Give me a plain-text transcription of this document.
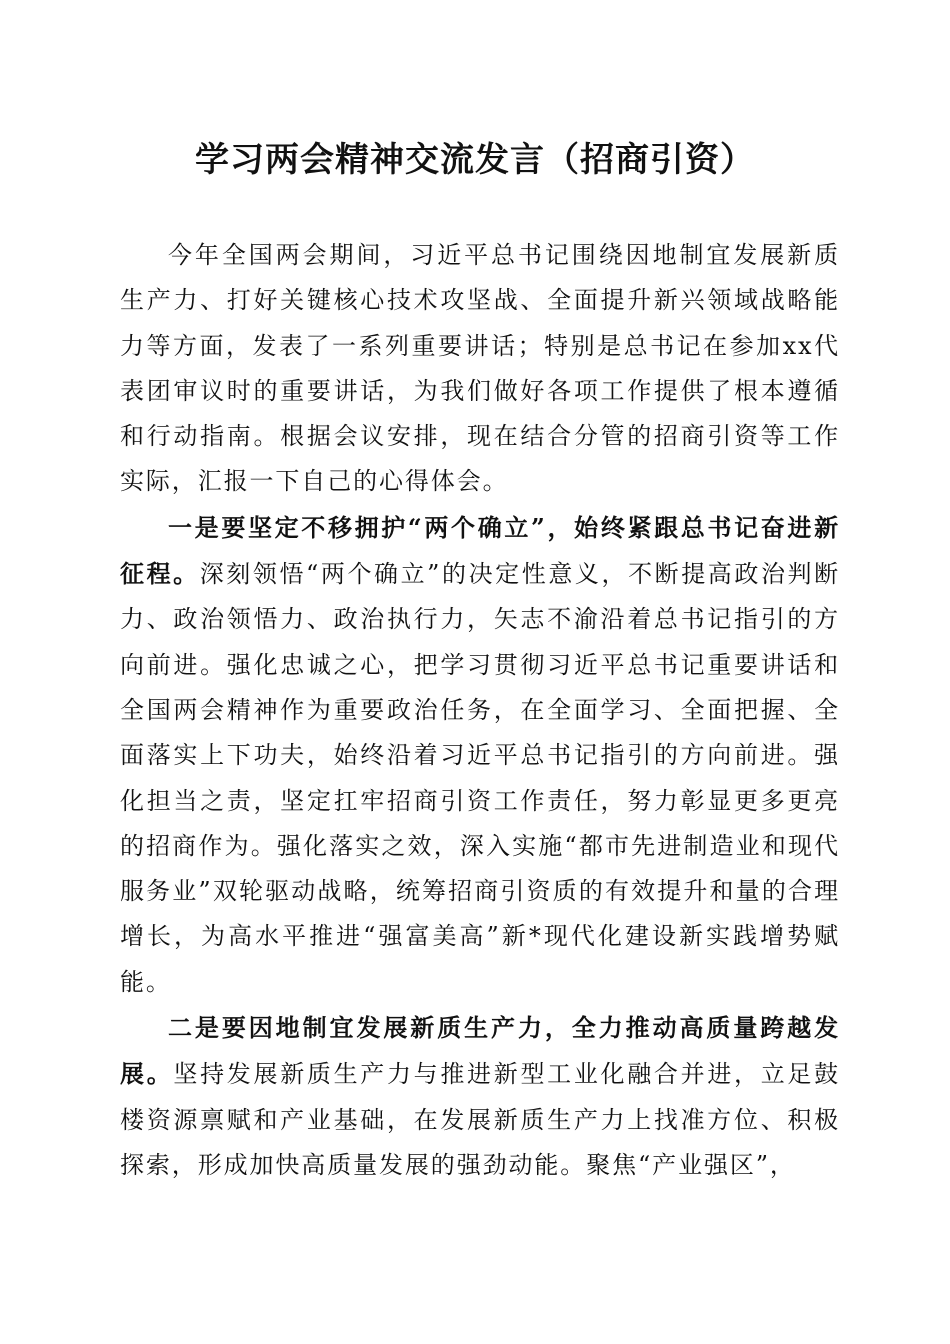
学习两会精神交流发言（招商引资）

今年全国两会期间，习近平总书记围绕因地制宜发展新质生产力、打好关键核心技术攻坚战、全面提升新兴领域战略能力等方面，发表了一系列重要讲话；特别是总书记在参加xx代表团审议时的重要讲话，为我们做好各项工作提供了根本遵循和行动指南。根据会议安排，现在结合分管的招商引资等工作实际，汇报一下自己的心得体会。

一是要坚定不移拥护“两个确立”，始终紧跟总书记奋进新征程。深刻领悟“两个确立”的决定性意义，不断提高政治判断力、政治领悟力、政治执行力，矢志不渝沿着总书记指引的方向前进。强化忠诚之心，把学习贯彻习近平总书记重要讲话和全国两会精神作为重要政治任务，在全面学习、全面把握、全面落实上下功夫，始终沿着习近平总书记指引的方向前进。强化担当之责，坚定扛牢招商引资工作责任，努力彰显更多更亮的招商作为。强化落实之效，深入实施“都市先进制造业和现代服务业”双轮驱动战略，统筹招商引资质的有效提升和量的合理增长，为高水平推进“强富美高”新*现代化建设新实践增势赋能。

二是要因地制宜发展新质生产力，全力推动高质量跨越发展。坚持发展新质生产力与推进新型工业化融合并进，立足鼓楼资源禀赋和产业基础，在发展新质生产力上找准方位、积极探索，形成加快高质量发展的强劲动能。聚焦“产业强区”，
